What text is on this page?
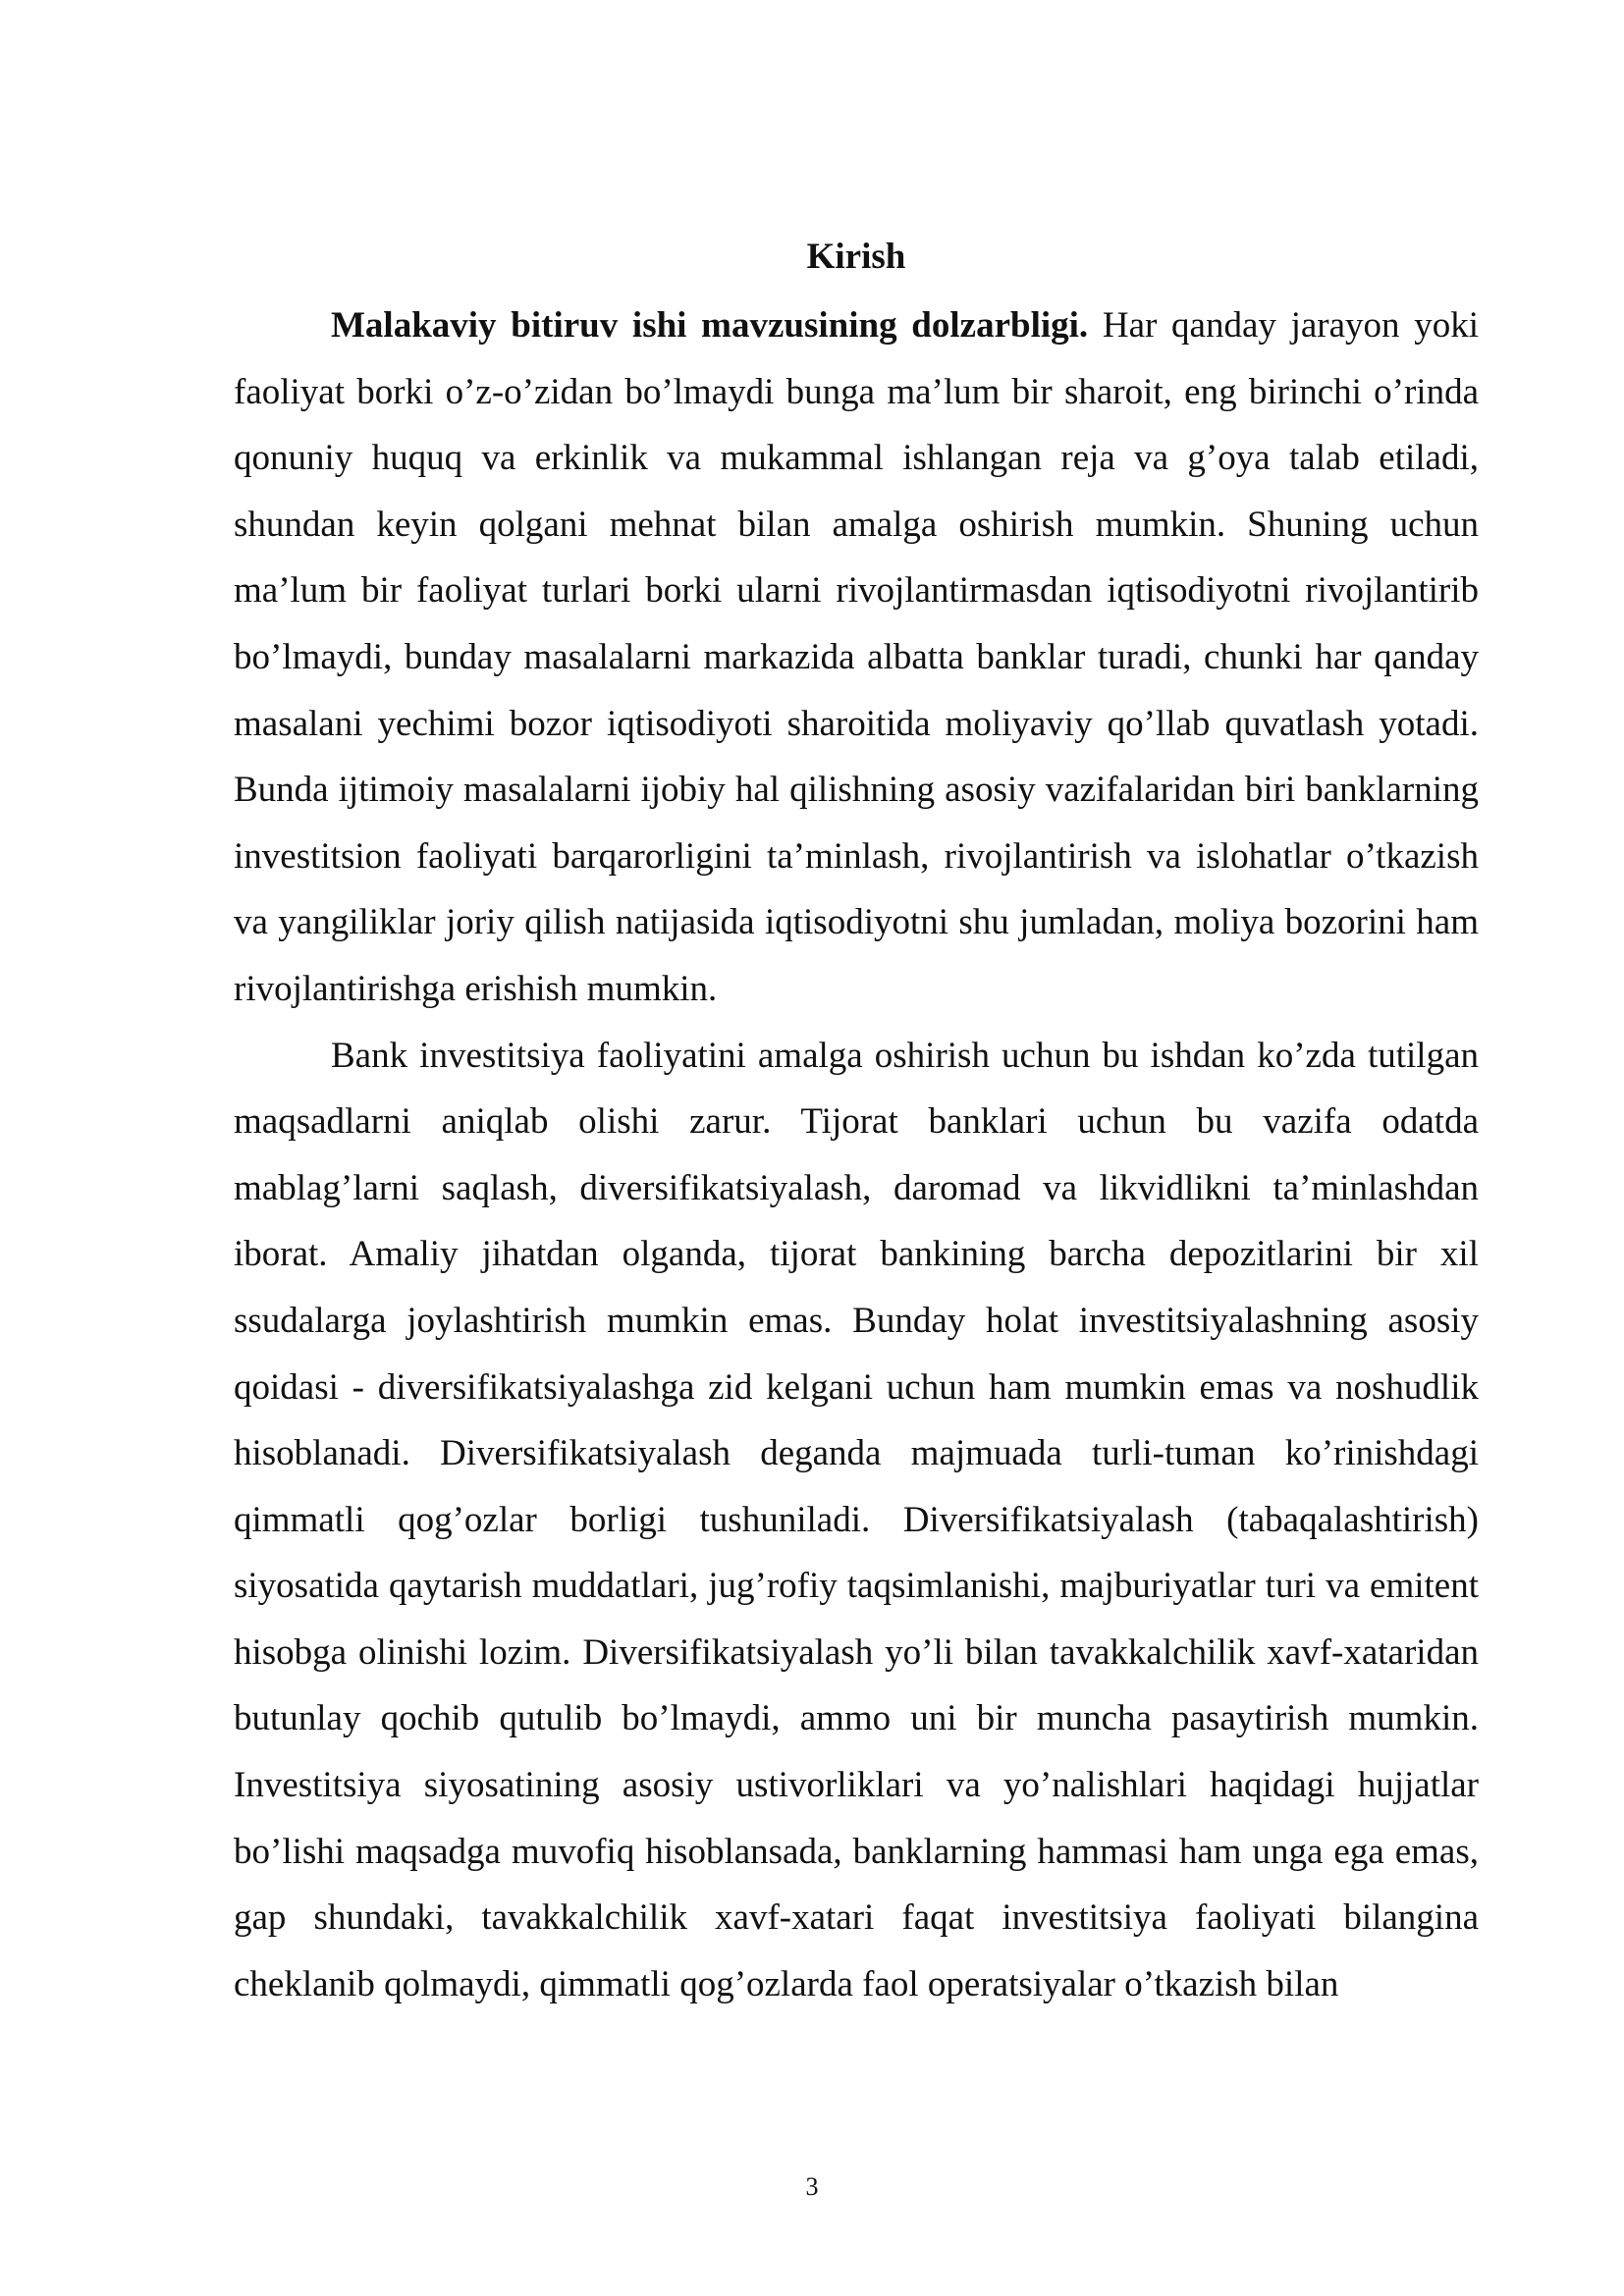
Kirish

Malakaviy bitiruv ishi mavzusining dolzarbligi. Har qanday jarayon yoki faoliyat borki o’z-o’zidan bo’lmaydi bunga ma’lum bir sharoit, eng birinchi o’rinda qonuniy huquq va erkinlik va mukammal ishlangan reja va g’oya talab etiladi, shundan keyin qolgani mehnat bilan amalga oshirish mumkin. Shuning uchun ma’lum bir faoliyat turlari borki ularni rivojlantirmasdan iqtisodiyotni rivojlantirib bo’lmaydi, bunday masalalarni markazida albatta banklar turadi, chunki har qanday masalani yechimi bozor iqtisodiyoti sharoitida moliyaviy qo’llab quvatlash yotadi. Bunda ijtimoiy masalalarni ijobiy hal qilishning asosiy vazifalaridan biri banklarning investitsion faoliyati barqarorligini ta’minlash, rivojlantirish va islohatlar o’tkazish va yangiliklar joriy qilish natijasida iqtisodiyotni shu jumladan, moliya bozorini ham rivojlantirishga erishish mumkin.

Bank investitsiya faoliyatini amalga oshirish uchun bu ishdan ko’zda tutilgan maqsadlarni aniqlab olishi zarur. Tijorat banklari uchun bu vazifa odatda mablag’larni saqlash, diversifikatsiyalash, daromad va likvidlikni ta’minlashdan iborat. Amaliy jihatdan olganda, tijorat bankining barcha depozitlarini bir xil ssudalarga joylashtirish mumkin emas. Bunday holat investitsiyalashning asosiy qoidasi - diversifikatsiyalashga zid kelgani uchun ham mumkin emas va noshudlik hisoblanadi. Diversifikatsiyalash deganda majmuada turli-tuman ko’rinishdagi qimmatli qog’ozlar borligi tushuniladi. Diversifikatsiyalash (tabaqalashtirish) siyosatida qaytarish muddatlari, jug’rofiy taqsimlanishi, majburiyatlar turi va emitent hisobga olinishi lozim. Diversifikatsiyalash yo’li bilan tavakkalchilik xavf-xataridan butunlay qochib qutulib bo’lmaydi, ammo uni bir muncha pasaytirish mumkin. Investitsiya siyosatining asosiy ustivorliklari va yo’nalishlari haqidagi hujjatlar bo’lishi maqsadga muvofiq hisoblansada, banklarning hammasi ham unga ega emas, gap shundaki, tavakkalchilik xavf-xatari faqat investitsiya faoliyati bilangina cheklanib qolmaydi, qimmatli qog’ozlarda faol operatsiyalar o’tkazish bilan

3
